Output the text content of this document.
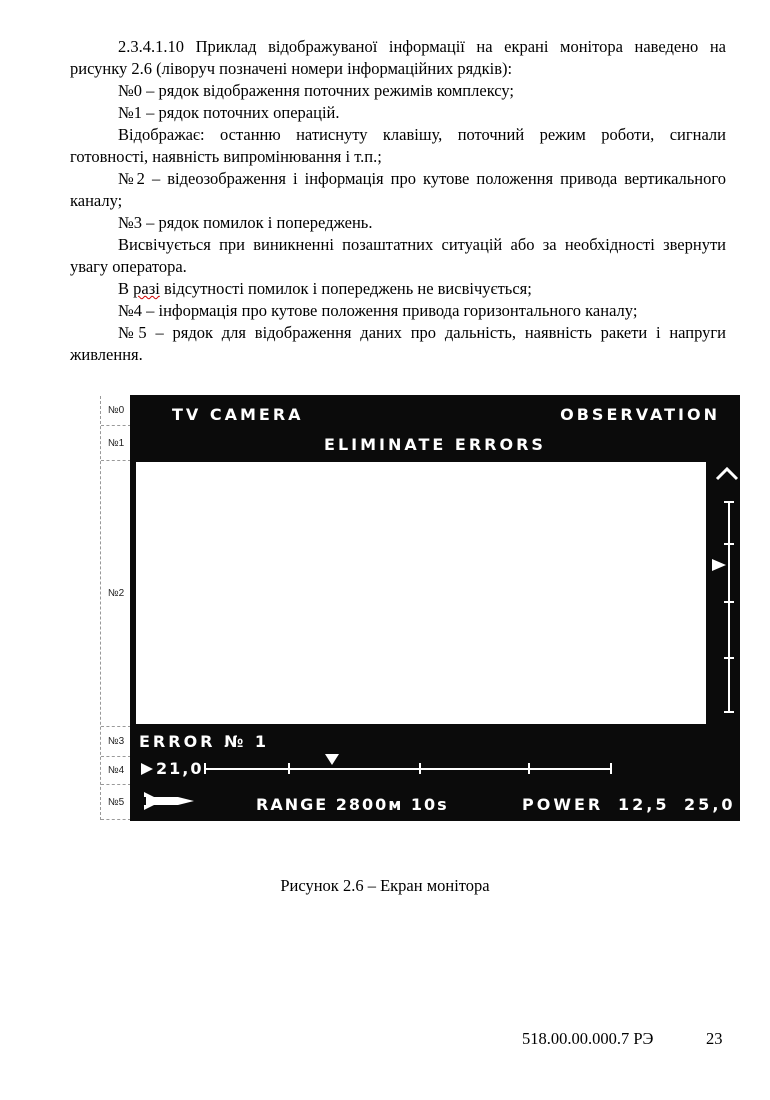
2.3.4.1.10 Приклад відображуваної інформації на екрані монітора наведено на рисунку 2.6 (ліворуч позначені номери інформаційних рядків):

№0 – рядок відображення поточних режимів комплексу;

№1 – рядок поточних операцій.

Відображає: останню натиснуту клавішу, поточний режим роботи, сигнали готовності, наявність випромінювання і т.п.;

№2 – відеозображення і інформація про кутове положення привода вертикального каналу;

№3 – рядок помилок і попереджень.

Висвічується при виникненні позаштатних ситуацій або за необхідності звернути увагу оператора.

В разі відсутності помилок і попереджень не висвічується;

№4 – інформація про кутове положення привода горизонтального каналу;

№5 – рядок для відображення даних про дальність, наявність ракети і напруги живлення.

№0
№1
№2
№3
№4
№5
TV CAMERA	OBSERVATION
ELIMINATE ERRORS
ERROR № 1
21,0
RANGE 2800м 10s	POWER 12,5 25,0
Рисунок 2.6 – Екран монітора
518.00.00.000.7 РЭ	23
